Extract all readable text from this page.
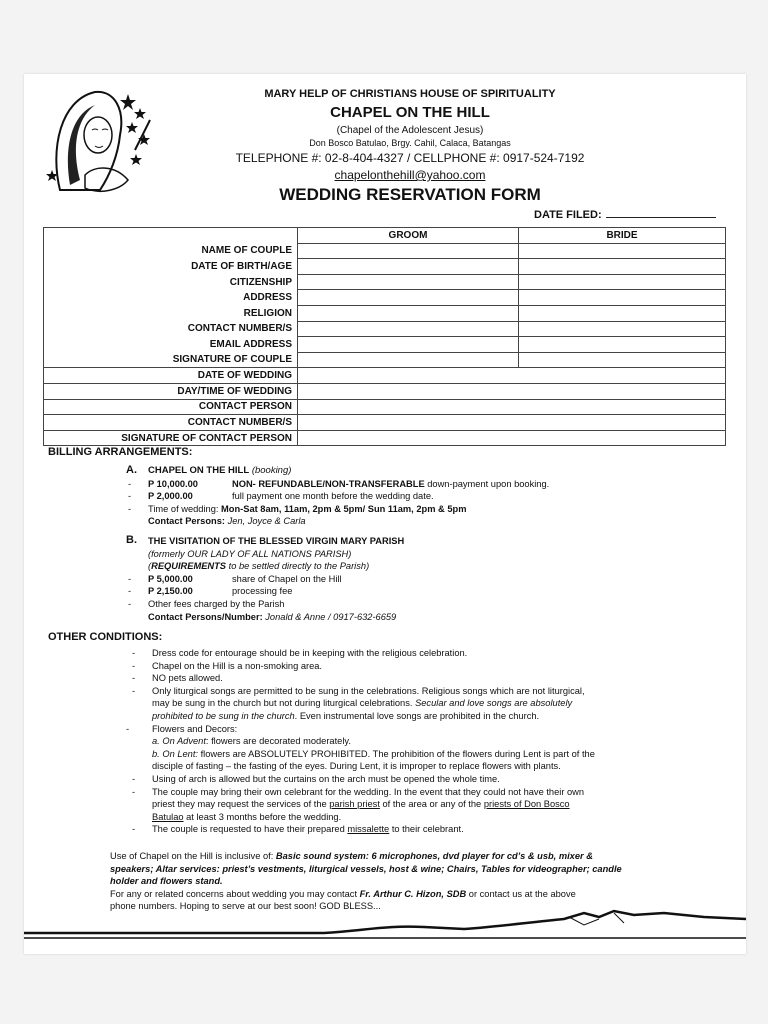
MARY HELP OF CHRISTIANS HOUSE OF SPIRITUALITY
CHAPEL ON THE HILL
(Chapel of the Adolescent Jesus)
Don Bosco Batulao, Brgy. Cahil, Calaca, Batangas
TELEPHONE #: 02-8-404-4327 / CELLPHONE #: 0917-524-7192
chapelonthehill@yahoo.com
WEDDING RESERVATION FORM
DATE FILED:
	GROOM	BRIDE
NAME OF COUPLE		
DATE OF BIRTH/AGE		
CITIZENSHIP		
ADDRESS		
RELIGION		
CONTACT NUMBER/S		
EMAIL ADDRESS		
SIGNATURE OF COUPLE		
DATE OF WEDDING		
DAY/TIME OF WEDDING		
CONTACT PERSON		
CONTACT NUMBER/S		
SIGNATURE OF CONTACT PERSON		
BILLING ARRANGEMENTS:
A. CHAPEL ON THE HILL (booking)
- P 10,000.00	NON- REFUNDABLE/NON-TRANSFERABLE down-payment upon booking.
- P 2,000.00	full payment one month before the wedding date.
- Time of wedding: Mon-Sat 8am, 11am, 2pm & 5pm/ Sun 11am, 2pm & 5pm
Contact Persons: Jen, Joyce & Carla
B. THE VISITATION OF THE BLESSED VIRGIN MARY PARISH
(formerly OUR LADY OF ALL NATIONS PARISH)
(REQUIREMENTS to be settled directly to the Parish)
- P 5,000.00	share of Chapel on the Hill
- P 2,150.00	processing fee
- Other fees charged by the Parish
Contact Persons/Number: Jonald & Anne / 0917-632-6659
OTHER CONDITIONS:
- Dress code for entourage should be in keeping with the religious celebration.
- Chapel on the Hill is a non-smoking area.
- NO pets allowed.
- Only liturgical songs are permitted to be sung in the celebrations. Religious songs which are not liturgical,
may be sung in the church but not during liturgical celebrations. Secular and love songs are absolutely
prohibited to be sung in the church. Even instrumental love songs are prohibited in the church.
- Flowers and Decors:
a. On Advent: flowers are decorated moderately.
b. On Lent: flowers are ABSOLUTELY PROHIBITED. The prohibition of the flowers during Lent is part of the
disciple of fasting – the fasting of the eyes. During Lent, it is improper to replace flowers with plants.
- Using of arch is allowed but the curtains on the arch must be opened the whole time.
- The couple may bring their own celebrant for the wedding. In the event that they could not have their own
priest they may request the services of the parish priest of the area or any of the priests of Don Bosco
Batulao at least 3 months before the wedding.
- The couple is requested to have their prepared missalette to their celebrant.
Use of Chapel on the Hill is inclusive of: Basic sound system: 6 microphones, dvd player for cd’s & usb, mixer &
speakers; Altar services: priest’s vestments, liturgical vessels, host & wine; Chairs, Tables for videographer; candle
holder and flowers stand.
For any or related concerns about wedding you may contact Fr. Arthur C. Hizon, SDB or contact us at the above
phone numbers. Hoping to serve at our best soon! GOD BLESS...
